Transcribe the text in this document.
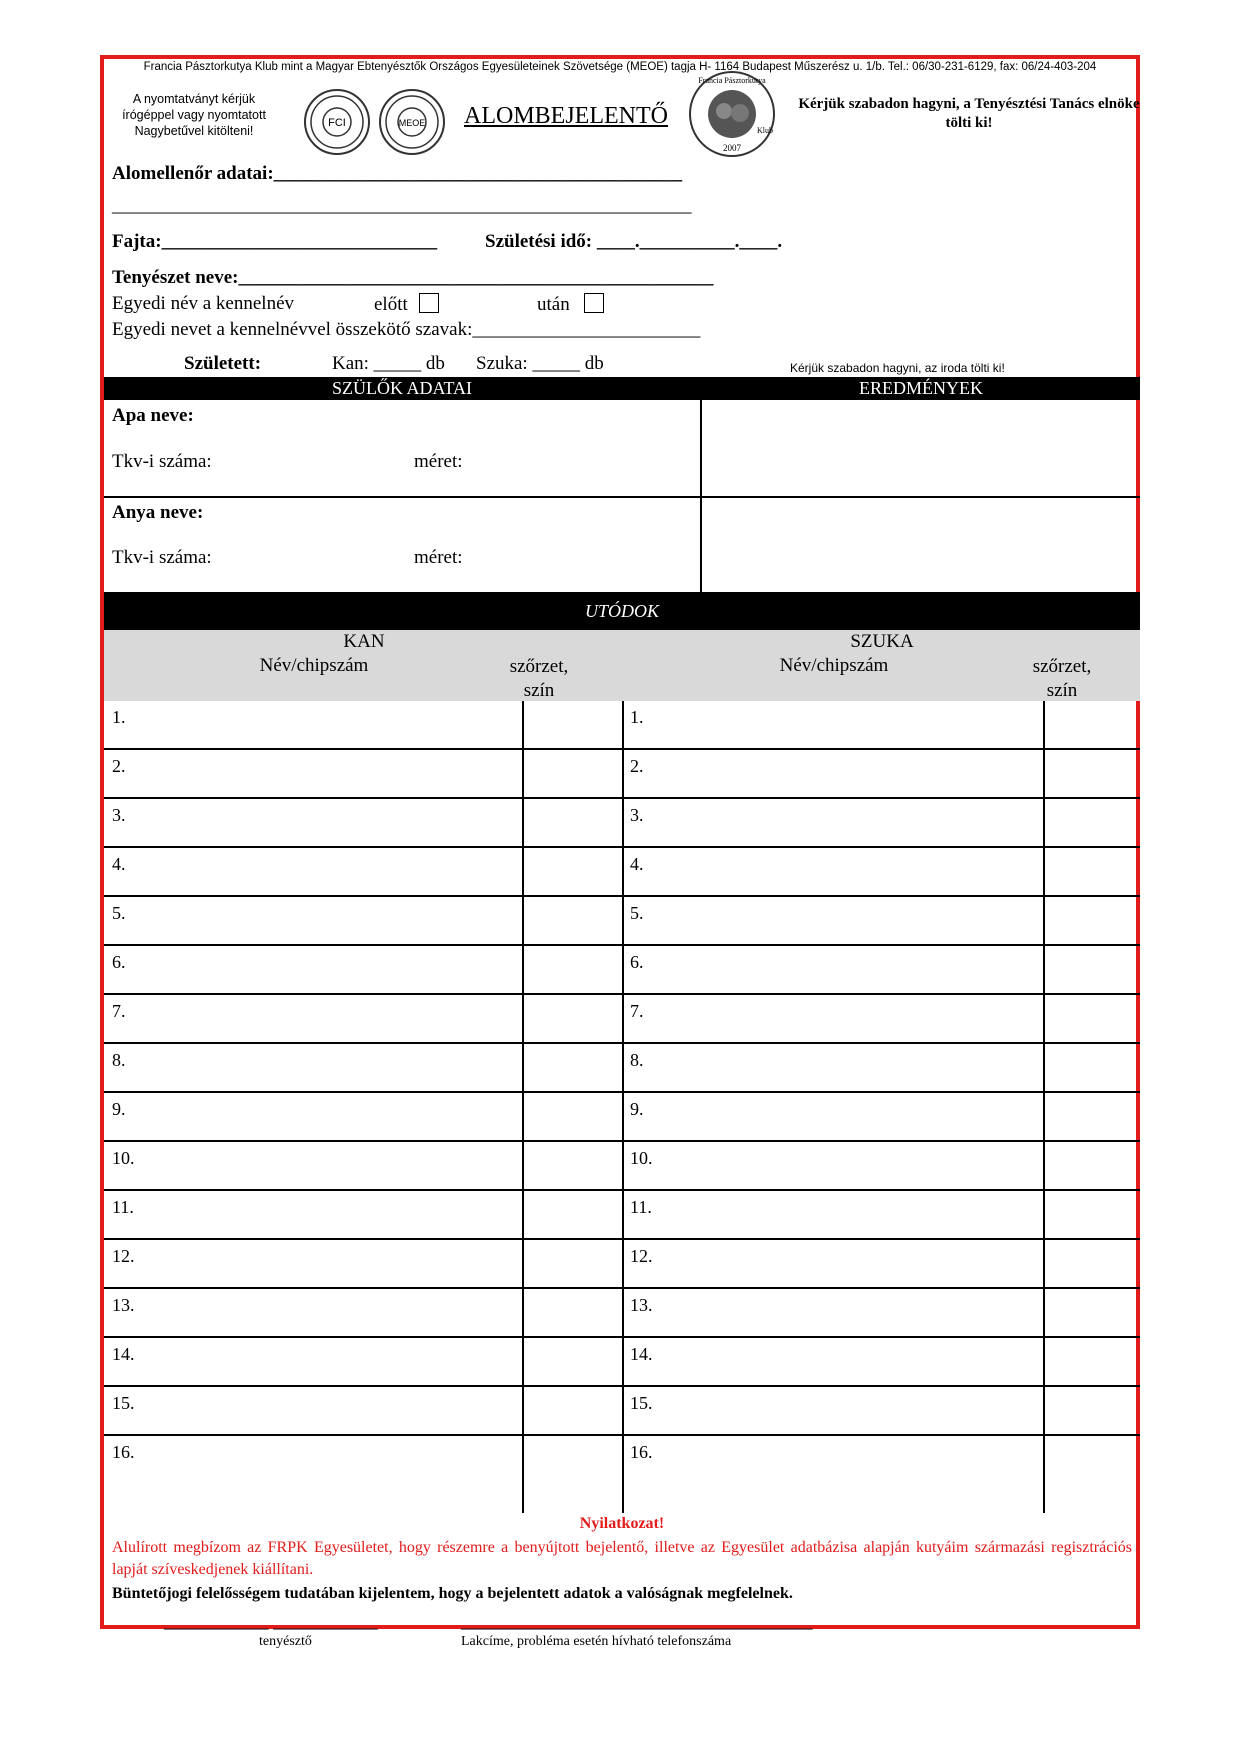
Francia Pásztorkutya Klub mint a Magyar Ebtenyésztők Országos Egyesületeinek Szövetsége (MEOE) tagja H- 1164 Budapest Műszerész u. 1/b. Tel.: 06/30-231-6129, fax: 06/24-403-204
A nyomtatványt kérjük
írógéppel vagy nyomtatott
Nagybetűvel kitölteni!
FCI	MEOE ALOMBEJELENTŐ
Francia Pásztorkutya
Klub
2007
Kérjük szabadon hagyni, a Tenyésztési Tanács elnöke tölti ki!
Alomellenőr adatai:___________________________________________
_____________________________________________________________
Fajta:_____________________________	Születési idő: ____.__________.____.
Tenyészet neve:__________________________________________________
Egyedi név a kennelnév	előtt	után
Egyedi nevet a kennelnévvel összekötő szavak:________________________
Született:	Kan: _____ db Szuka: _____ db	Kérjük szabadon hagyni, az iroda tölti ki!
SZÜLŐK ADATAI	EREDMÉNYEK
Apa neve:
Tkv-i száma:	méret:
Anya neve:
Tkv-i száma:	méret:
UTÓDOK
KAN
Név/chipszám	szőrzet,
szín
SZUKA
Név/chipszám	szőrzet,
szín
1.	1.
2.	2.
3.	3.
4.	4.
5.	5.
6.	6.
7.	7.
8.	8.
9.	9.
10.	10.
11.	11.
12.	12.
13.	13.
14.	14.
15.	15.
16.	16.
Nyilatkozat!
Alulírott megbízom az FRPK Egyesületet, hogy részemre a benyújtott bejelentő, illetve az Egyesület adatbázisa alapján kutyáim származási regisztrációs lapját szíveskedjenek kiállítani.
Büntetőjogi felelősségem tudatában kijelentem, hogy a bejelentett adatok a valóságnak megfelelnek.
___________ ___________
tenyésztő
_____________________________________
Lakcíme, probléma esetén hívható telefonszáma
